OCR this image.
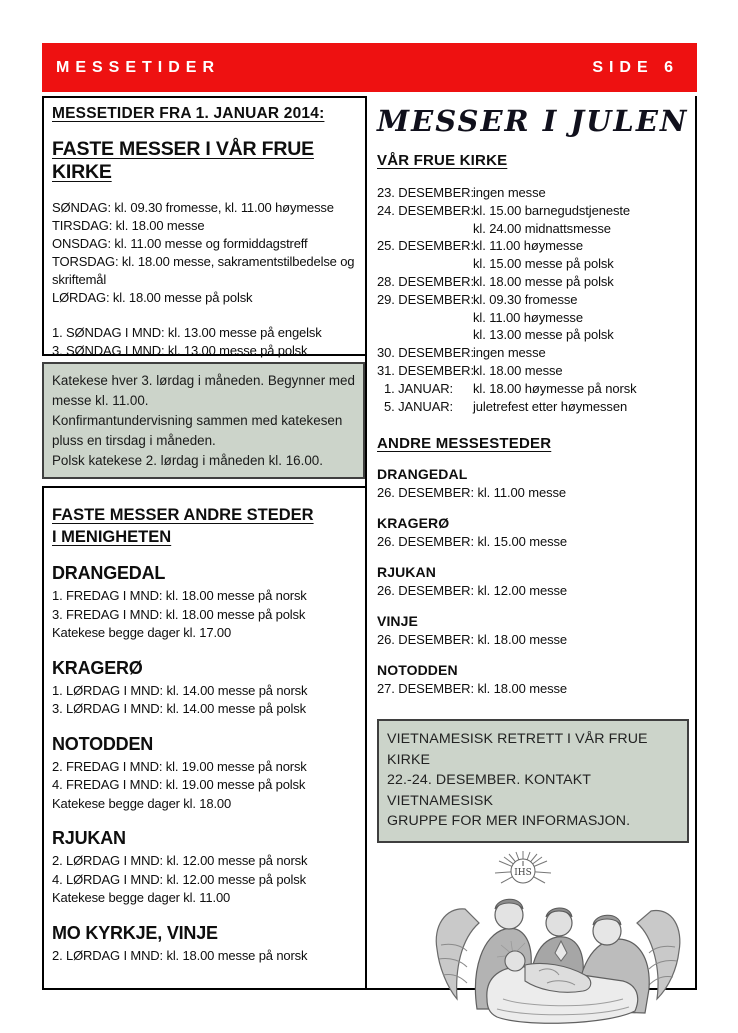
MESSETIDER	SIDE 6
MESSETIDER FRA 1. JANUAR 2014:
FASTE MESSER I VÅR FRUE KIRKE
SØNDAG: kl. 09.30 fromesse, kl. 11.00 høymesse
TIRSDAG: kl. 18.00 messe
ONSDAG: kl. 11.00 messe og formiddagstreff
TORSDAG: kl. 18.00 messe, sakramentstilbedelse og skriftemål
LØRDAG: kl. 18.00 messe på polsk
1. SØNDAG I MND: kl. 13.00 messe på engelsk
3. SØNDAG I MND: kl. 13.00 messe på polsk
Katekese hver 3. lørdag i måneden. Begynner med messe kl. 11.00.
Konfirmantundervisning sammen med katekesen pluss en tirsdag i måneden.
Polsk katekese 2. lørdag i måneden kl. 16.00.
FASTE MESSER ANDRE STEDER
I MENIGHETEN
DRANGEDAL
1. FREDAG I MND: kl. 18.00 messe på norsk
3. FREDAG I MND: kl. 18.00 messe på polsk
Katekese begge dager kl. 17.00
KRAGERØ
1. LØRDAG I MND: kl. 14.00 messe på norsk
3. LØRDAG I MND: kl. 14.00 messe på polsk
NOTODDEN
2. FREDAG I MND: kl. 19.00 messe på norsk
4. FREDAG I MND: kl. 19.00 messe på polsk
Katekese begge dager kl. 18.00
RJUKAN
2. LØRDAG I MND: kl. 12.00 messe på norsk
4. LØRDAG I MND: kl. 12.00 messe på polsk
Katekese begge dager kl. 11.00
MO KYRKJE, VINJE
2. LØRDAG I MND: kl. 18.00 messe på norsk
MESSER I JULEN
VÅR FRUE KIRKE
23. DESEMBER:ingen messe
24. DESEMBER:kl. 15.00 barnegudstjeneste
kl. 24.00 midnattsmesse
25. DESEMBER:kl. 11.00 høymesse
kl. 15.00 messe på polsk
28. DESEMBER:kl. 18.00 messe på polsk
29. DESEMBER:kl. 09.30 fromesse
kl. 11.00 høymesse
kl. 13.00 messe på polsk
30. DESEMBER:ingen messe
31. DESEMBER:kl. 18.00 messe
1. JANUAR: kl. 18.00 høymesse på norsk
5. JANUAR: juletrefest etter høymessen
ANDRE MESSESTEDER
DRANGEDAL
26. DESEMBER: kl. 11.00 messe
KRAGERØ
26. DESEMBER: kl. 15.00 messe
RJUKAN
26. DESEMBER: kl. 12.00 messe
VINJE
26. DESEMBER: kl. 18.00 messe
NOTODDEN
27. DESEMBER: kl. 18.00 messe
VIETNAMESISK RETRETT I VÅR FRUE KIRKE
22.-24. DESEMBER. KONTAKT VIETNAMESISK
GRUPPE FOR MER INFORMASJON.
IHS
